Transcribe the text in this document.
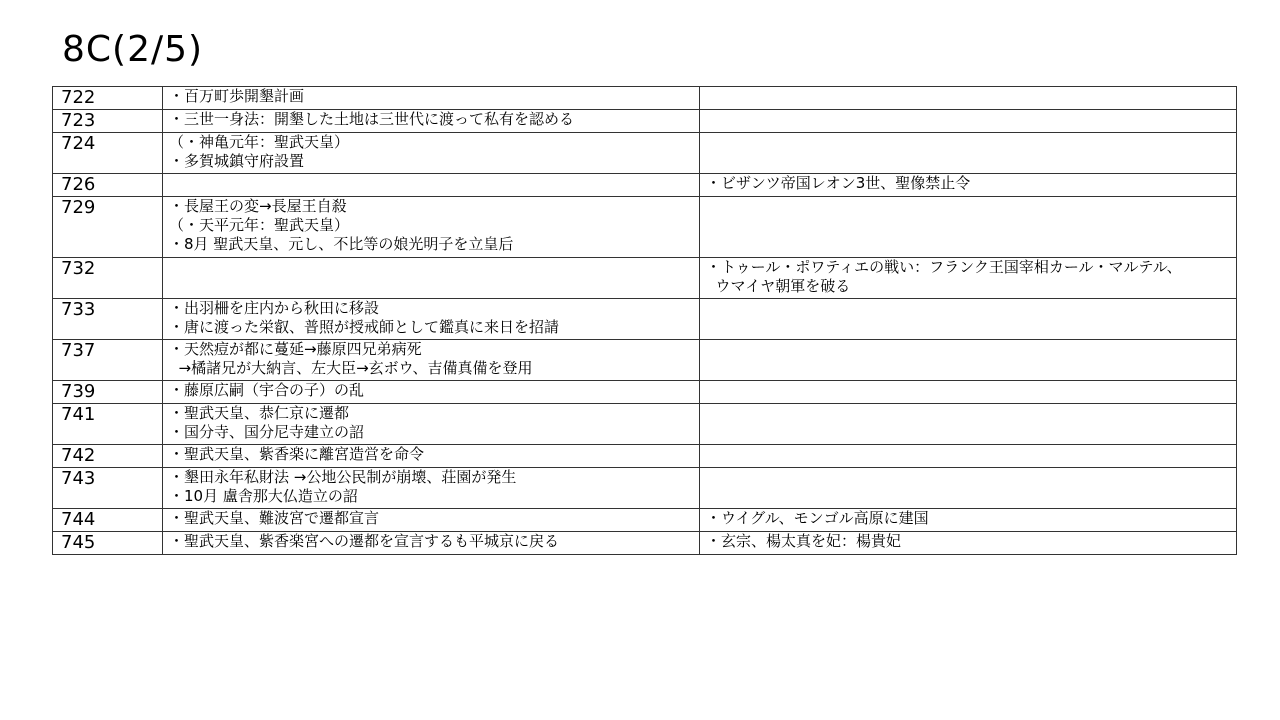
8C(2/5)
722	・百万町歩開墾計画	

723	・三世一身法：開墾した土地は三世代に渡って私有を認める	

724	（・神亀元年：聖武天皇）
・多賀城鎮守府設置	

726		・ビザンツ帝国レオン3世、聖像禁止令

729	・長屋王の変→長屋王自殺
（・天平元年：聖武天皇）
・8月 聖武天皇、元し、不比等の娘光明子を立皇后	

732		・トゥール・ポワティエの戦い：フランク王国宰相カール・マルテル、
ウマイヤ朝軍を破る

733	・出羽柵を庄内から秋田に移設
・唐に渡った栄叡、普照が授戒師として鑑真に来日を招請	

737	・天然痘が都に蔓延→藤原四兄弟病死
→橘諸兄が大納言、左大臣→玄ボウ、吉備真備を登用	

739	・藤原広嗣（宇合の子）の乱	

741	・聖武天皇、恭仁京に遷都
・国分寺、国分尼寺建立の詔	

742	・聖武天皇、紫香楽に離宮造営を命令	

743	・墾田永年私財法 →公地公民制が崩壊、荘園が発生
・10月 盧舎那大仏造立の詔	

744	・聖武天皇、難波宮で遷都宣言	・ウイグル、モンゴル高原に建国

745	・聖武天皇、紫香楽宮への遷都を宣言するも平城京に戻る	・玄宗、楊太真を妃：楊貴妃
